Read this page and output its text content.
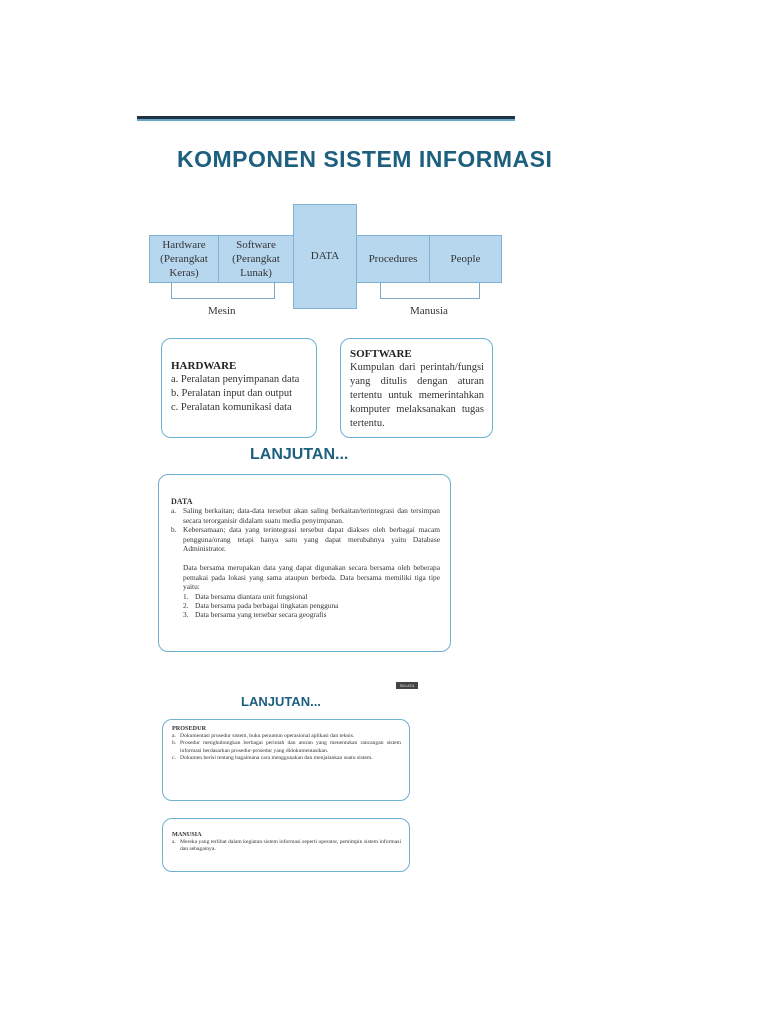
KOMPONEN SISTEM INFORMASI
Hardware (Perangkat Keras)
Software (Perangkat Lunak)
DATA	Procedures	People
Mesin	Manusia
HARDWARE
a. Peralatan penyimpanan data
b. Peralatan input dan output
c. Peralatan komunikasi data
SOFTWARE
Kumpulan dari perintah/fungsi yang ditulis dengan aturan tertentu untuk memerintahkan komputer melaksanakan tugas tertentu.
LANJUTAN...
DATA
a. Saling berkaitan; data-data tersebut akan saling berkaitan/terintegrasi dan tersimpan secara terorganisir didalam suatu media penyimpanan.
b. Kebersamaan; data yang terintegrasi tersebut dapat diakses oleh berbagai macam pengguna/orang tetapi hanya satu yang dapat merubahnya yaitu Database Administrator.

Data bersama merupakan data yang dapat digunakan secara bersama oleh beberapa pemakai pada lokasi yang sama ataupun berbeda. Data bersama memiliki tiga tipe yaitu:

1. Data bersama diantara unit fungsional
2. Data bersama pada berbagai tingkatan pengguna
3. Data bersama yang tersebar secara geografis
SM-ATA
LANJUTAN...
PROSEDUR
a. Dokumentasi prosedur sistem, buku penuntun operasional aplikasi dan teknis.
b. Prosedur menghubungkan berbagai perintah dan aturan yang menentukan rancangan sistem informasi berdasarkan prosedur-prosedur yang didokumentasikan.
c. Dokumen berisi tentang bagaimana cara menggunakan dan menjalankan suatu sistem.
MANUSIA
a. Mereka yang terlibat dalam kegiatan sistem informasi seperti operator, pemimpin sistem informasi dan sebagainya.
